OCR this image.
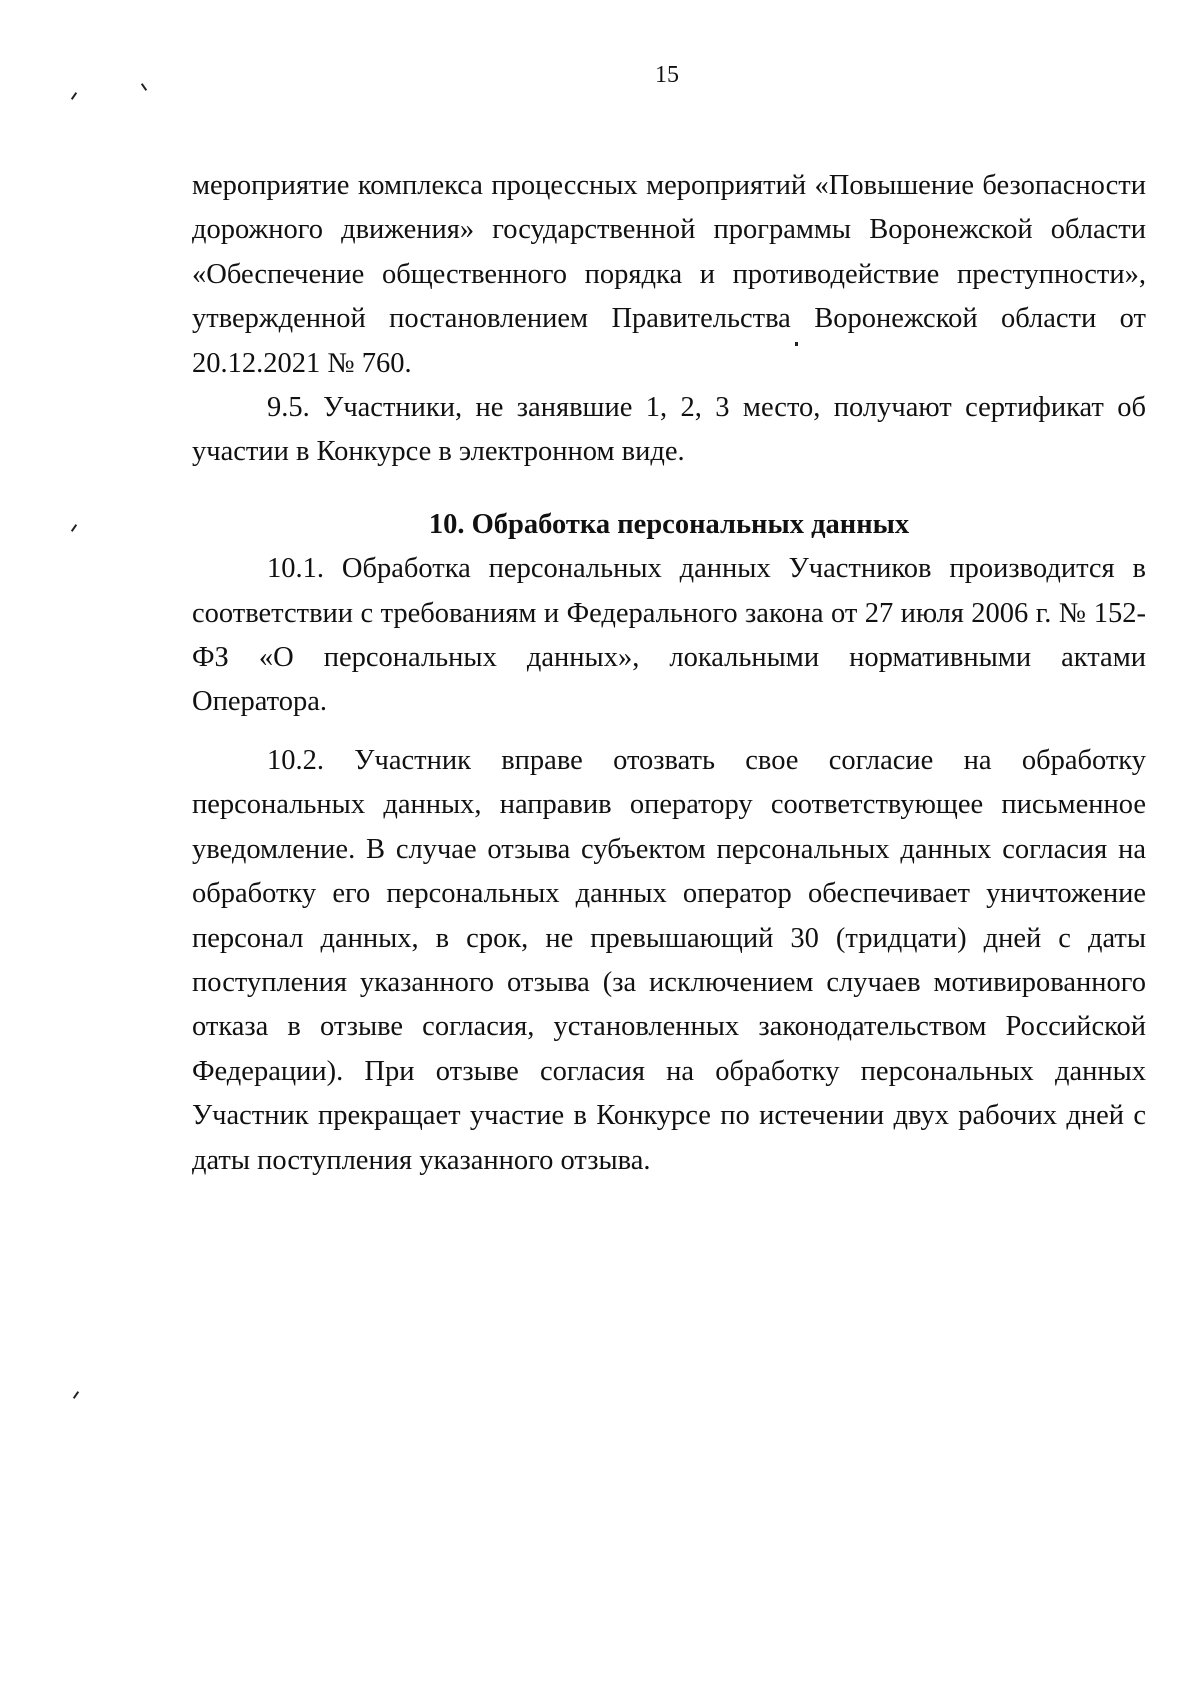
15

мероприятие комплекса процессных мероприятий «Повышение безопасности дорожного движения» государственной программы Воронежской области «Обеспечение общественного порядка и противодействие преступности», утвержденной постановлением Правительства Воронежской области от 20.12.2021 № 760.

9.5. Участники, не занявшие 1, 2, 3 место, получают сертификат об участии в Конкурсе в электронном виде.

10. Обработка персональных данных

10.1. Обработка персональных данных Участников производится в соответствии с требованиям и Федерального закона от 27 июля 2006 г. № 152-ФЗ «О персональных данных», локальными нормативными актами Оператора.

10.2. Участник вправе отозвать свое согласие на обработку персональных данных, направив оператору соответствующее письменное уведомление. В случае отзыва субъектом персональных данных согласия на обработку его персональных данных оператор обеспечивает уничтожение персонал данных, в срок, не превышающий 30 (тридцати) дней с даты поступления указанного отзыва (за исключением случаев мотивированного отказа в отзыве согласия, установленных законодательством Российской Федерации). При отзыве согласия на обработку персональных данных Участник прекращает участие в Конкурсе по истечении двух рабочих дней с даты поступления указанного отзыва.
